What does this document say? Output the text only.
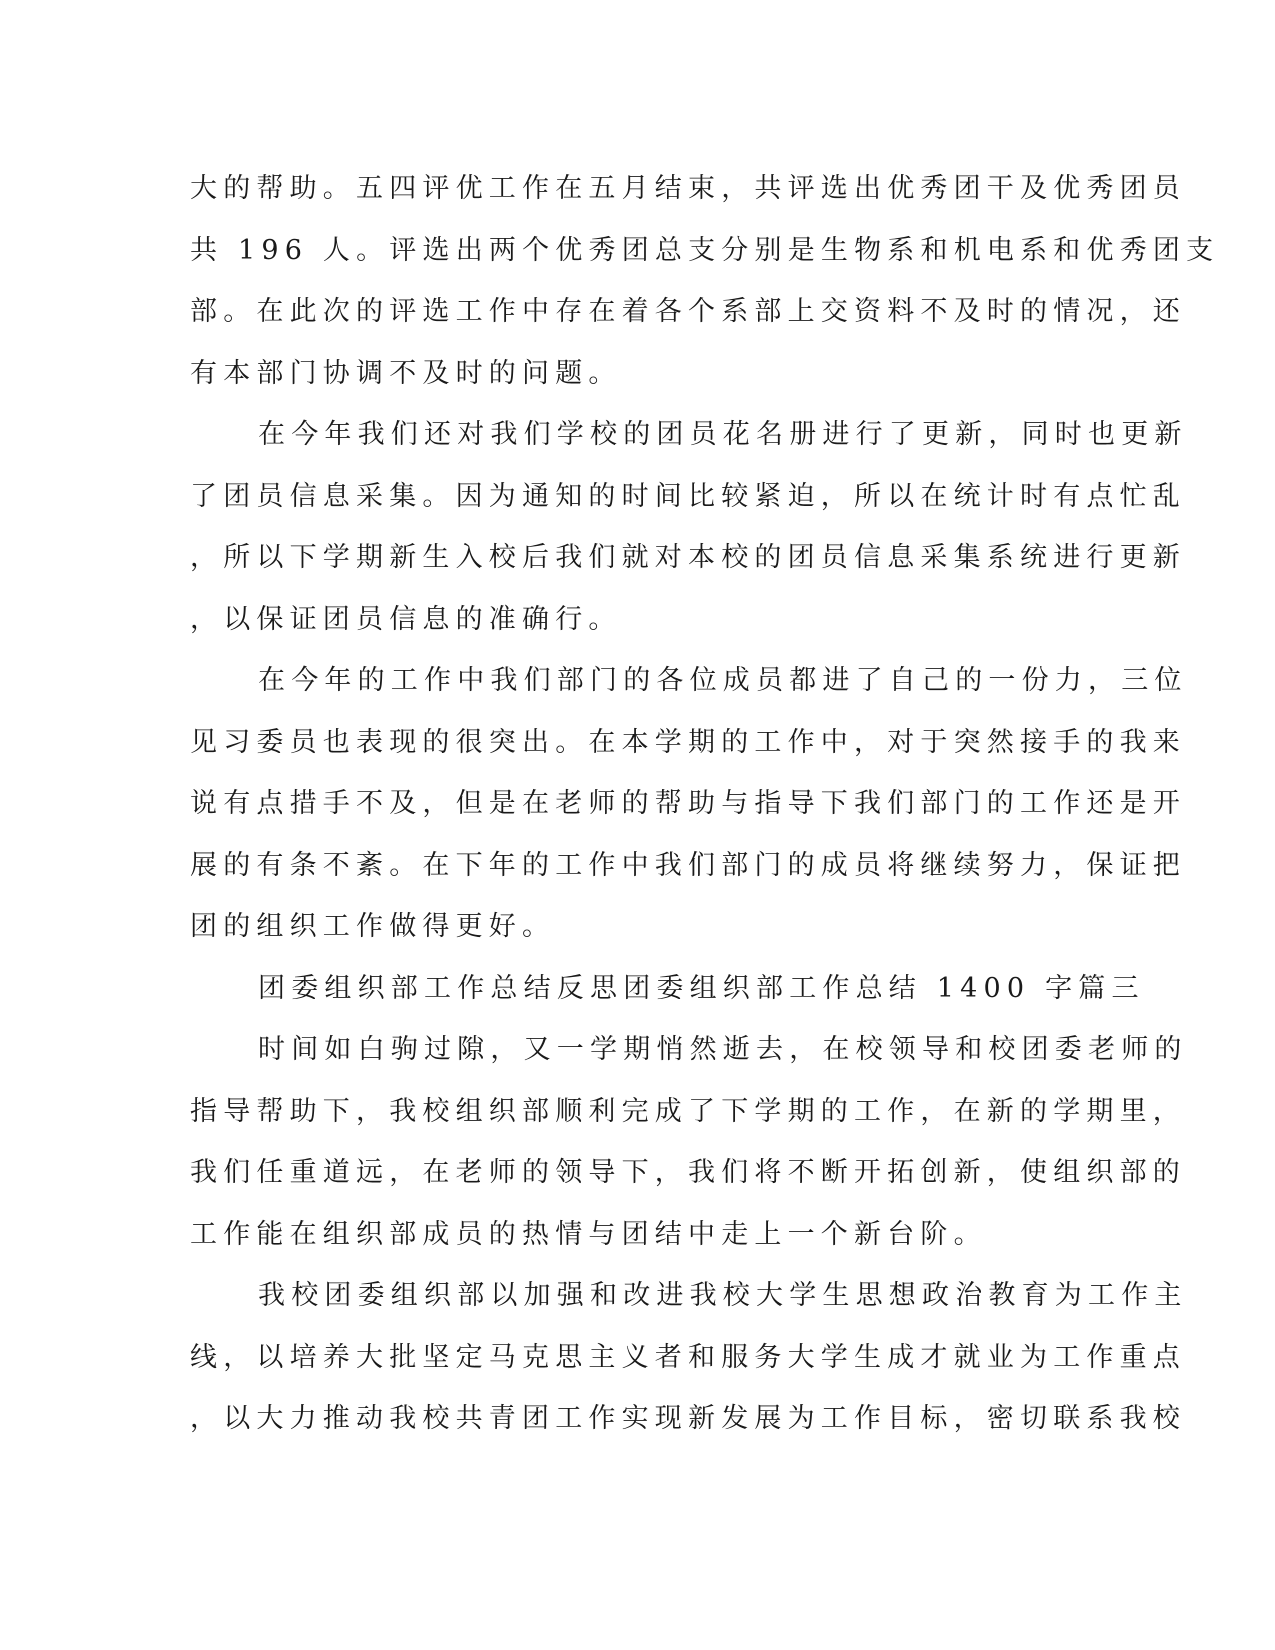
大的帮助。五四评优工作在五月结束，共评选出优秀团干及优秀团员
共 196 人。评选出两个优秀团总支分别是生物系和机电系和优秀团支
部。在此次的评选工作中存在着各个系部上交资料不及时的情况，还
有本部门协调不及时的问题。
在今年我们还对我们学校的团员花名册进行了更新，同时也更新
了团员信息采集。因为通知的时间比较紧迫，所以在统计时有点忙乱
，所以下学期新生入校后我们就对本校的团员信息采集系统进行更新
，以保证团员信息的准确行。
在今年的工作中我们部门的各位成员都进了自己的一份力，三位
见习委员也表现的很突出。在本学期的工作中，对于突然接手的我来
说有点措手不及，但是在老师的帮助与指导下我们部门的工作还是开
展的有条不紊。在下年的工作中我们部门的成员将继续努力，保证把
团的组织工作做得更好。
团委组织部工作总结反思团委组织部工作总结 1400 字篇三
时间如白驹过隙，又一学期悄然逝去，在校领导和校团委老师的
指导帮助下，我校组织部顺利完成了下学期的工作，在新的学期里，
我们任重道远，在老师的领导下，我们将不断开拓创新，使组织部的
工作能在组织部成员的热情与团结中走上一个新台阶。
我校团委组织部以加强和改进我校大学生思想政治教育为工作主
线，以培养大批坚定马克思主义者和服务大学生成才就业为工作重点
，以大力推动我校共青团工作实现新发展为工作目标，密切联系我校
